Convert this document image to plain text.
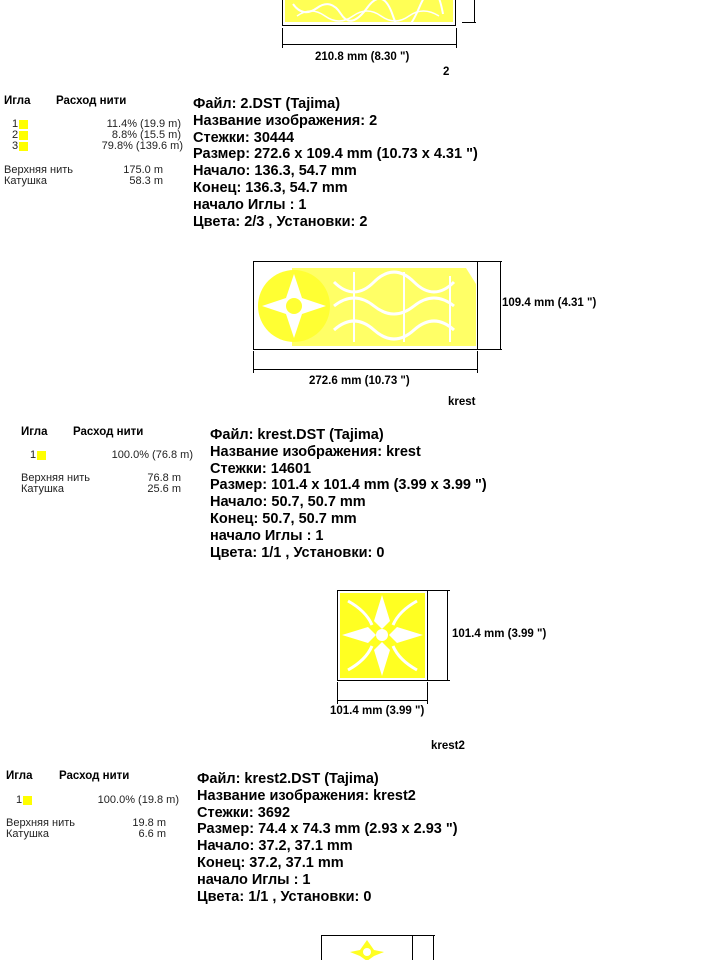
210.8 mm (8.30 ")
2
Игла Расход нити
1	11.4% (19.9 m)
2	8.8% (15.5 m)
3	79.8% (139.6 m)
Верхняя нить	175.0 m
Катушка	58.3 m
Файл: 2.DST (Tajima)
Название изображения: 2
Стежки: 30444
Размер: 272.6 x 109.4 mm (10.73 x 4.31 ")
Начало: 136.3, 54.7 mm
Конец: 136.3, 54.7 mm
начало Иглы : 1
Цвета: 2/3 , Установки: 2
109.4 mm (4.31 ")
272.6 mm (10.73 ")
krest
Игла Расход нити
1	100.0% (76.8 m)
Верхняя нить	76.8 m
Катушка	25.6 m
Файл: krest.DST (Tajima)
Название изображения: krest
Стежки: 14601
Размер: 101.4 x 101.4 mm (3.99 x 3.99 ")
Начало: 50.7, 50.7 mm
Конец: 50.7, 50.7 mm
начало Иглы : 1
Цвета: 1/1 , Установки: 0
101.4 mm (3.99 ")
101.4 mm (3.99 ")
krest2
Игла Расход нити
1	100.0% (19.8 m)
Верхняя нить	19.8 m
Катушка	6.6 m
Файл: krest2.DST (Tajima)
Название изображения: krest2
Стежки: 3692
Размер: 74.4 x 74.3 mm (2.93 x 2.93 ")
Начало: 37.2, 37.1 mm
Конец: 37.2, 37.1 mm
начало Иглы : 1
Цвета: 1/1 , Установки: 0
